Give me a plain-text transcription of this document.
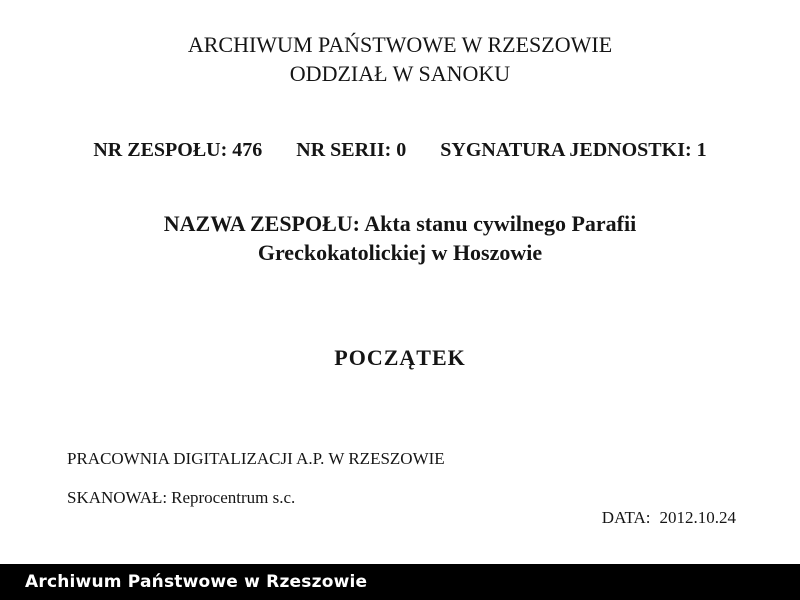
ARCHIWUM PAŃSTWOWE W RZESZOWIE
ODDZIAŁ W SANOKU
NR ZESPOŁU: 476 NR SERII: 0 SYGNATURA JEDNOSTKI: 1
NAZWA ZESPOŁU: Akta stanu cywilnego Parafii
Greckokatolickiej w Hoszowie
POCZĄTEK
PRACOWNIA DIGITALIZACJI A.P. W RZESZOWIE
SKANOWAŁ: Reprocentrum s.c.
DATA: 2012.10.24
Archiwum Państwowe w Rzeszowie
